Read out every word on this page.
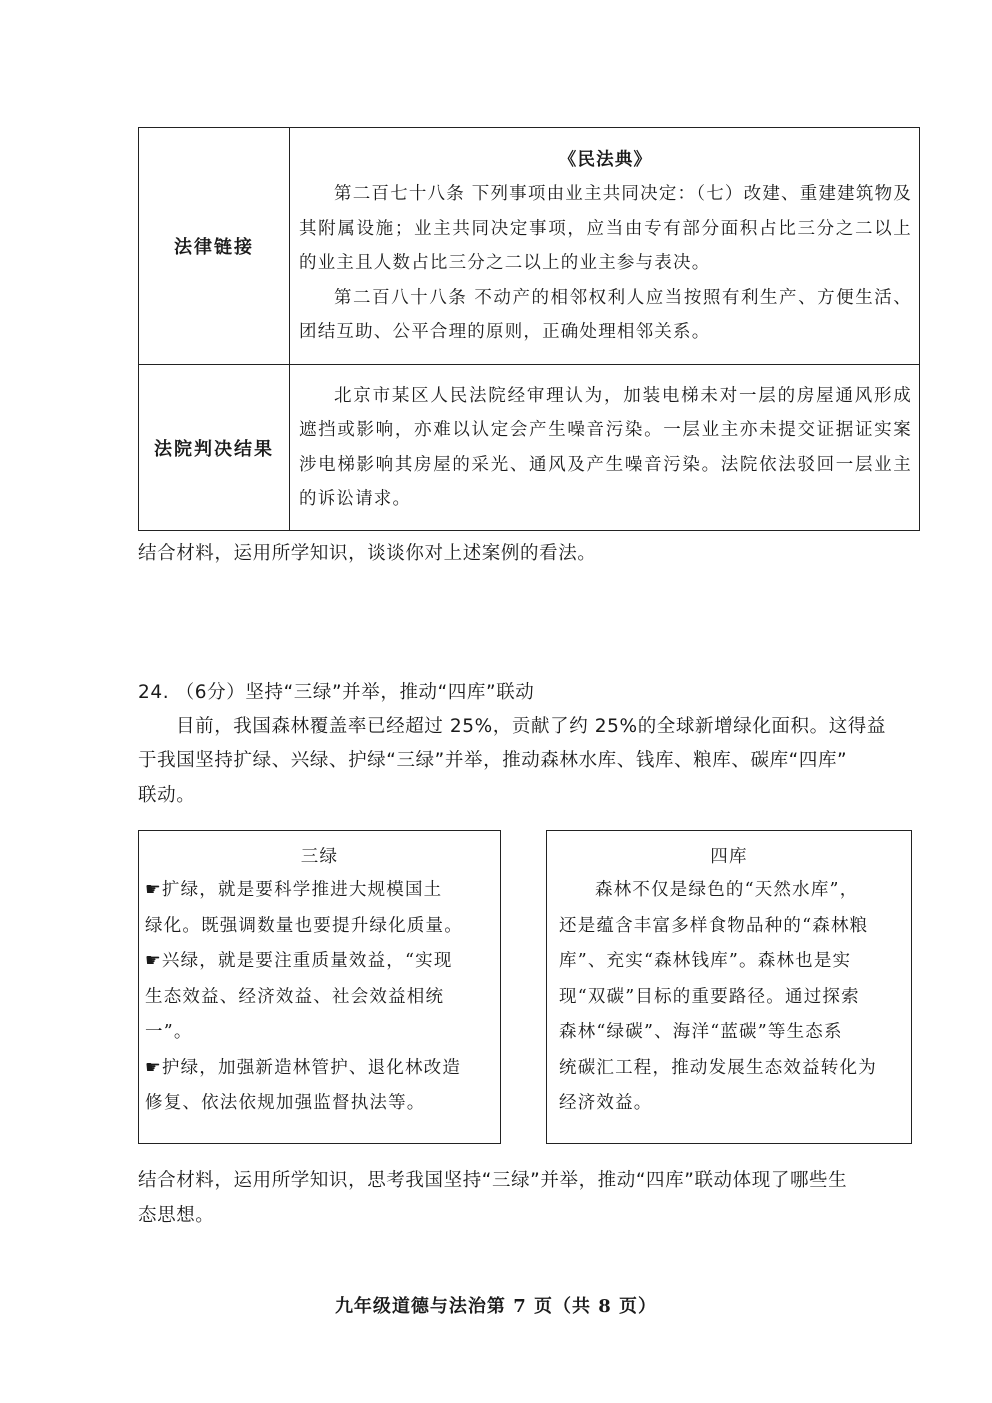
法律链接	《民法典》

第二百七十八条 下列事项由业主共同决定：（七）改建、重建建筑物及其附属设施；业主共同决定事项，应当由专有部分面积占比三分之二以上的业主且人数占比三分之二以上的业主参与表决。

第二百八十八条 不动产的相邻权利人应当按照有利生产、方便生活、团结互助、公平合理的原则，正确处理相邻关系。

法院判决结果	北京市某区人民法院经审理认为，加装电梯未对一层的房屋通风形成遮挡或影响，亦难以认定会产生噪音污染。一层业主亦未提交证据证实案涉电梯影响其房屋的采光、通风及产生噪音污染。法院依法驳回一层业主的诉讼请求。

结合材料，运用所学知识，谈谈你对上述案例的看法。
24. （6分）坚持“三绿”并举，推动“四库”联动
目前，我国森林覆盖率已经超过 25%，贡献了约 25%的全球新增绿化面积。这得益
于我国坚持扩绿、兴绿、护绿“三绿”并举，推动森林水库、钱库、粮库、碳库“四库”
联动。
三绿

☛扩绿，就是要科学推进大规模国土

绿化。既强调数量也要提升绿化质量。

☛兴绿，就是要注重质量效益，“实现

生态效益、经济效益、社会效益相统

一”。

☛护绿，加强新造林管护、退化林改造

修复、依法依规加强监督执法等。

四库

森林不仅是绿色的“天然水库”，

还是蕴含丰富多样食物品种的“森林粮

库”、充实“森林钱库”。森林也是实

现“双碳”目标的重要路径。通过探索

森林“绿碳”、海洋“蓝碳”等生态系

统碳汇工程，推动发展生态效益转化为

经济效益。

结合材料，运用所学知识，思考我国坚持“三绿”并举，推动“四库”联动体现了哪些生
态思想。
九年级道德与法治第 7 页（共 8 页）
